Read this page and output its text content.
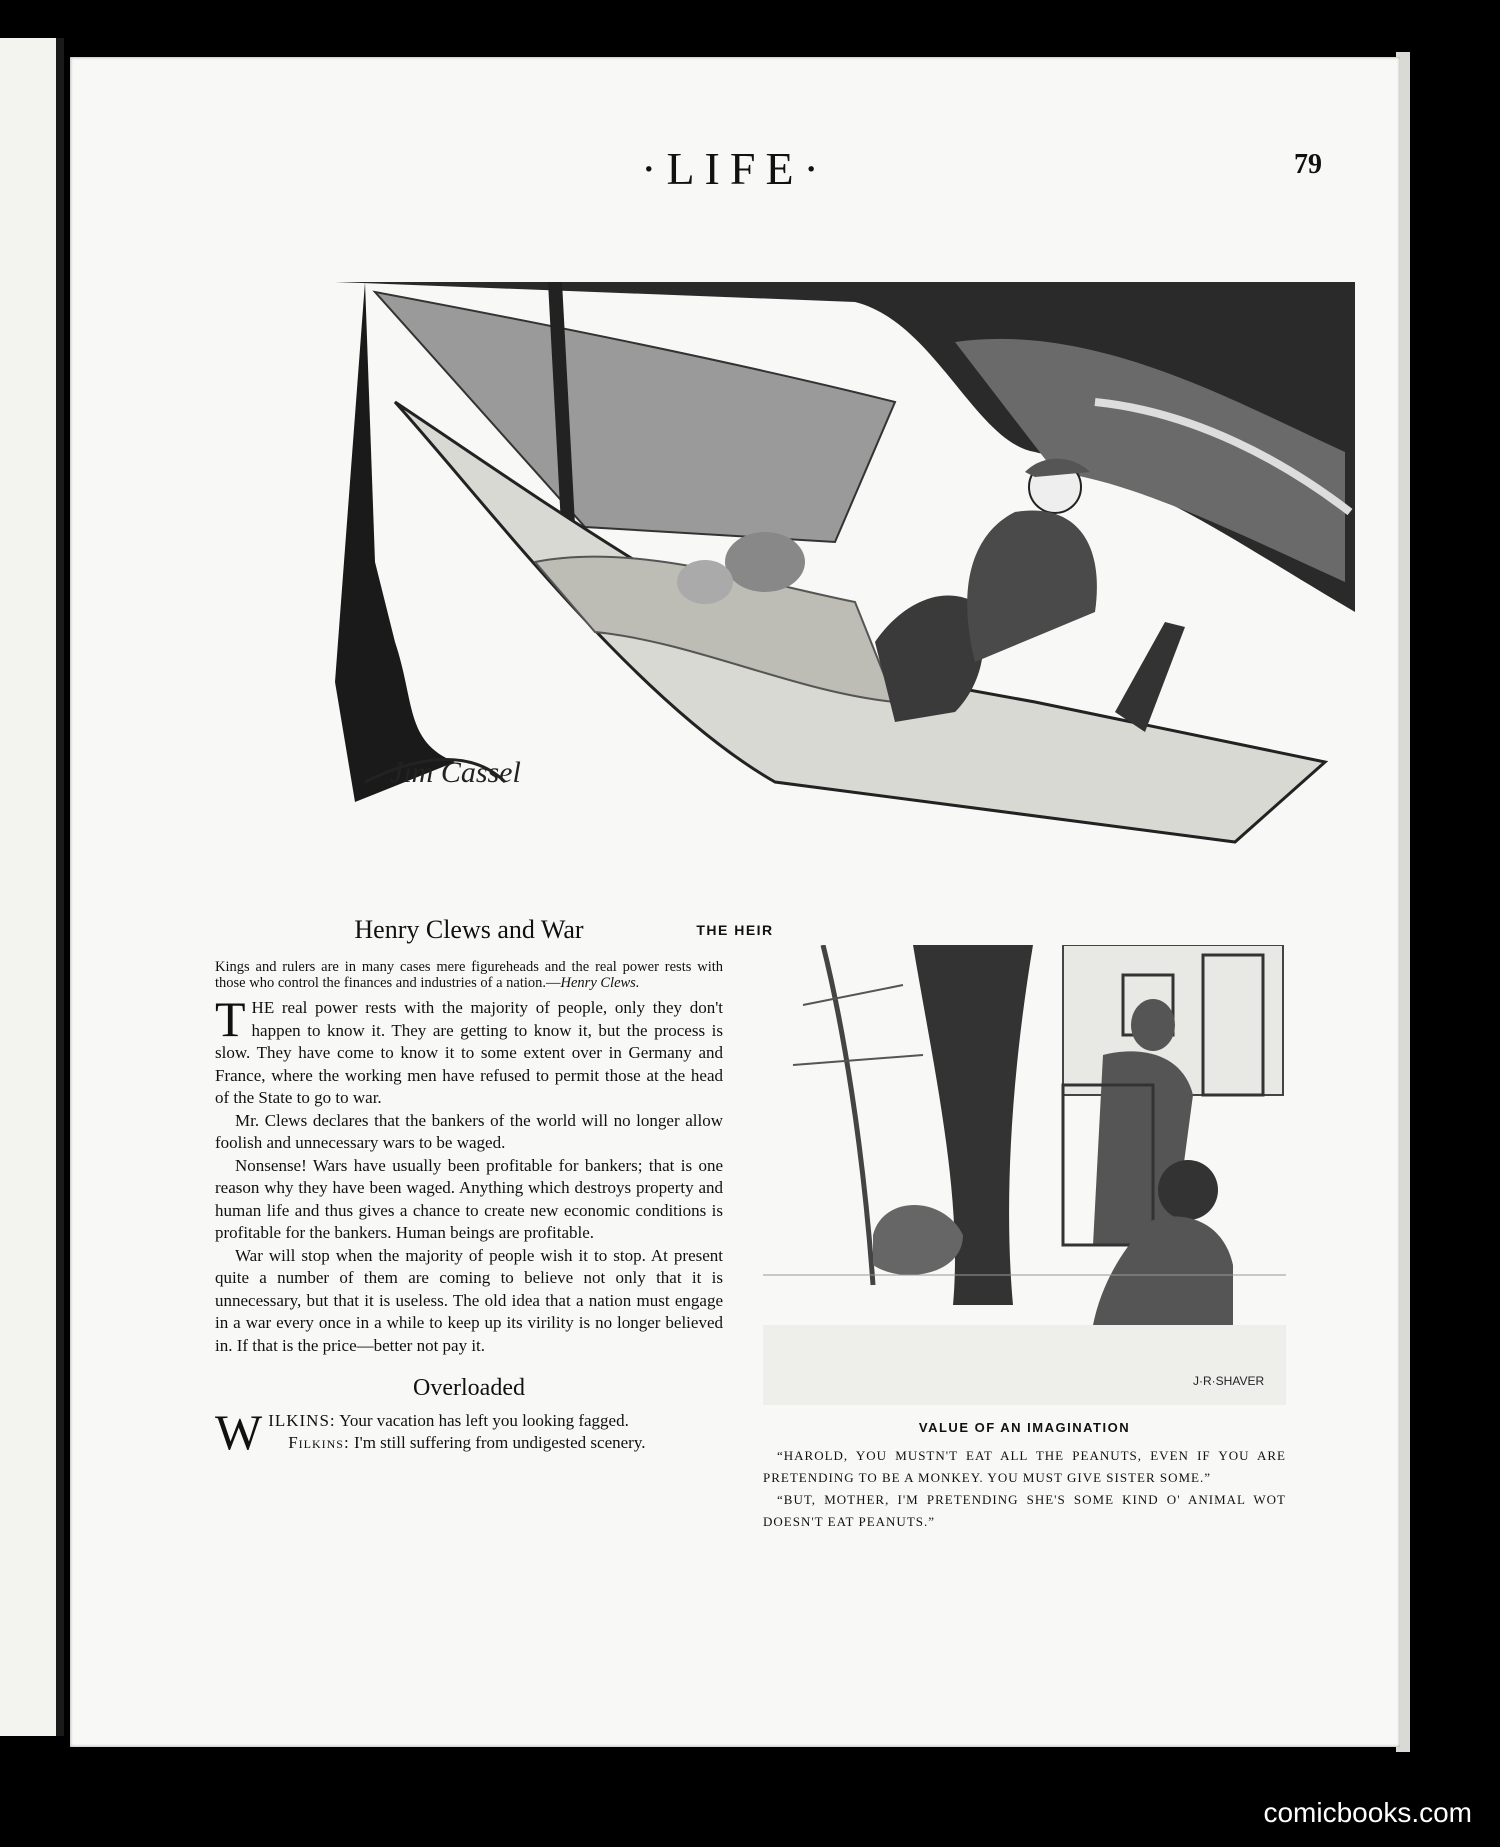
·LIFE·	79
Jim Cassel
THE HEIR
Henry Clews and War

Kings and rulers are in many cases mere figureheads and the real power rests with those who control the finances and industries of a nation.—Henry Clews.

THE real power rests with the majority of people, only they don't happen to know it. They are getting to know it, but the process is slow. They have come to know it to some extent over in Germany and France, where the working men have refused to permit those at the head of the State to go to war.

Mr. Clews declares that the bankers of the world will no longer allow foolish and unnecessary wars to be waged.

Nonsense! Wars have usually been profitable for bankers; that is one reason why they have been waged. Anything which destroys property and human life and thus gives a chance to create new economic conditions is profitable for the bankers. Human beings are profitable.

War will stop when the majority of people wish it to stop. At present quite a number of them are coming to believe not only that it is unnecessary, but that it is useless. The old idea that a nation must engage in a war every once in a while to keep up its virility is no longer believed in. If that is the price—better not pay it.

Overloaded

WILKINS: Your vacation has left you looking fagged.

Filkins: I'm still suffering from undigested scenery.

J·R·SHAVER
VALUE OF AN IMAGINATION

“HAROLD, YOU MUSTN'T EAT ALL THE PEANUTS, EVEN IF YOU ARE PRETENDING TO BE A MONKEY. YOU MUST GIVE SISTER SOME.”

“BUT, MOTHER, I'M PRETENDING SHE'S SOME KIND O' ANIMAL WOT DOESN'T EAT PEANUTS.”

comicbooks.com
